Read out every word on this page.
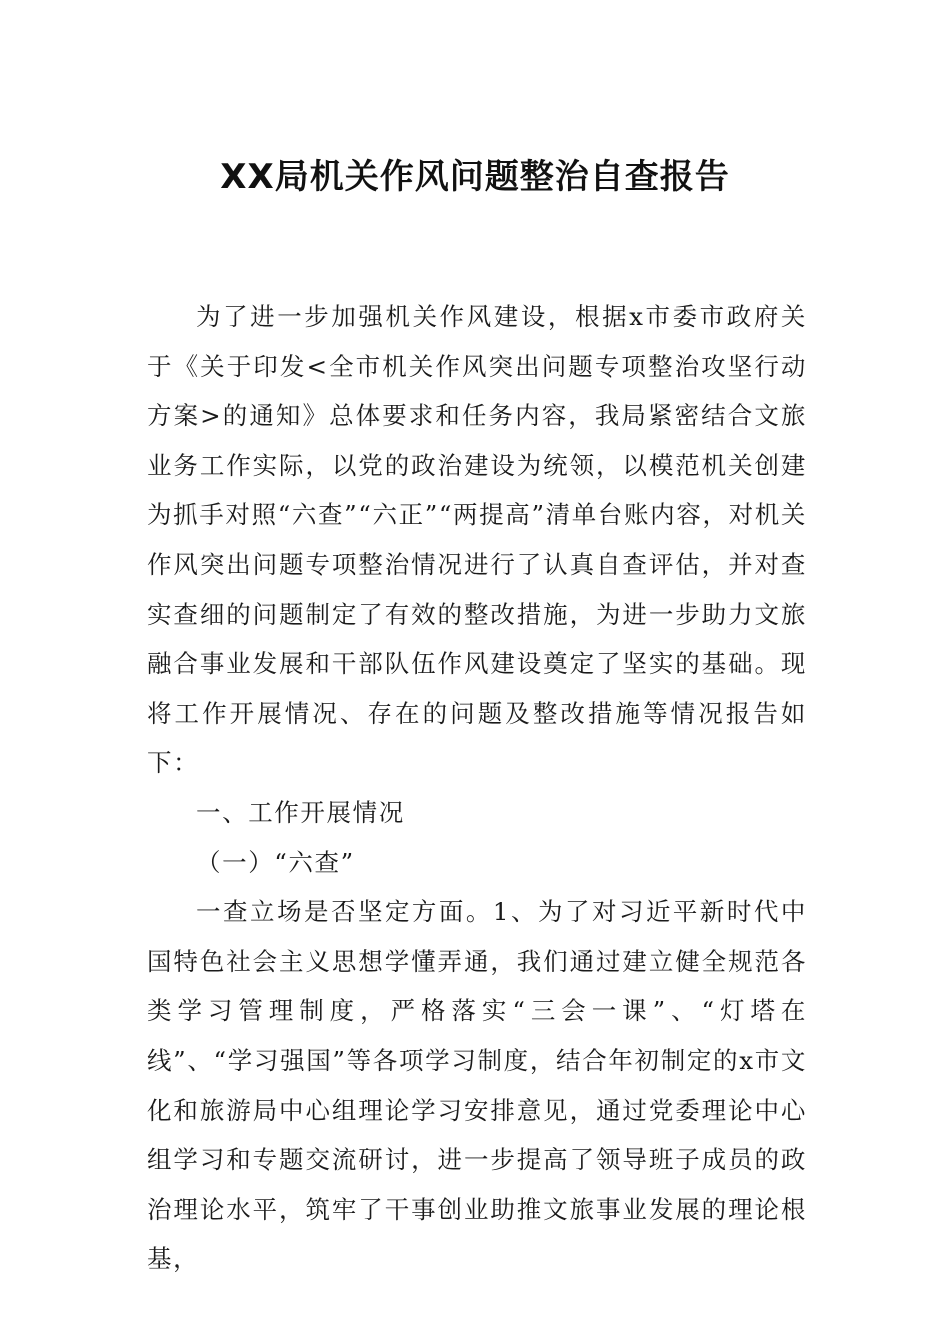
XX局机关作风问题整治自查报告

为了进一步加强机关作风建设，根据x市委市政府关于《关于印发<全市机关作风突出问题专项整治攻坚行动方案>的通知》总体要求和任务内容，我局紧密结合文旅业务工作实际，以党的政治建设为统领，以模范机关创建为抓手对照“六查”“六正”“两提高”清单台账内容，对机关作风突出问题专项整治情况进行了认真自查评估，并对查实查细的问题制定了有效的整改措施，为进一步助力文旅融合事业发展和干部队伍作风建设奠定了坚实的基础。现将工作开展情况、存在的问题及整改措施等情况报告如下：

一、工作开展情况

（一）“六查”

一查立场是否坚定方面。1、为了对习近平新时代中国特色社会主义思想学懂弄通，我们通过建立健全规范各类学习管理制度，严格落实“三会一课”、“灯塔在线”、“学习强国”等各项学习制度，结合年初制定的x市文化和旅游局中心组理论学习安排意见，通过党委理论中心组学习和专题交流研讨，进一步提高了领导班子成员的政治理论水平，筑牢了干事创业助推文旅事业发展的理论根基，
